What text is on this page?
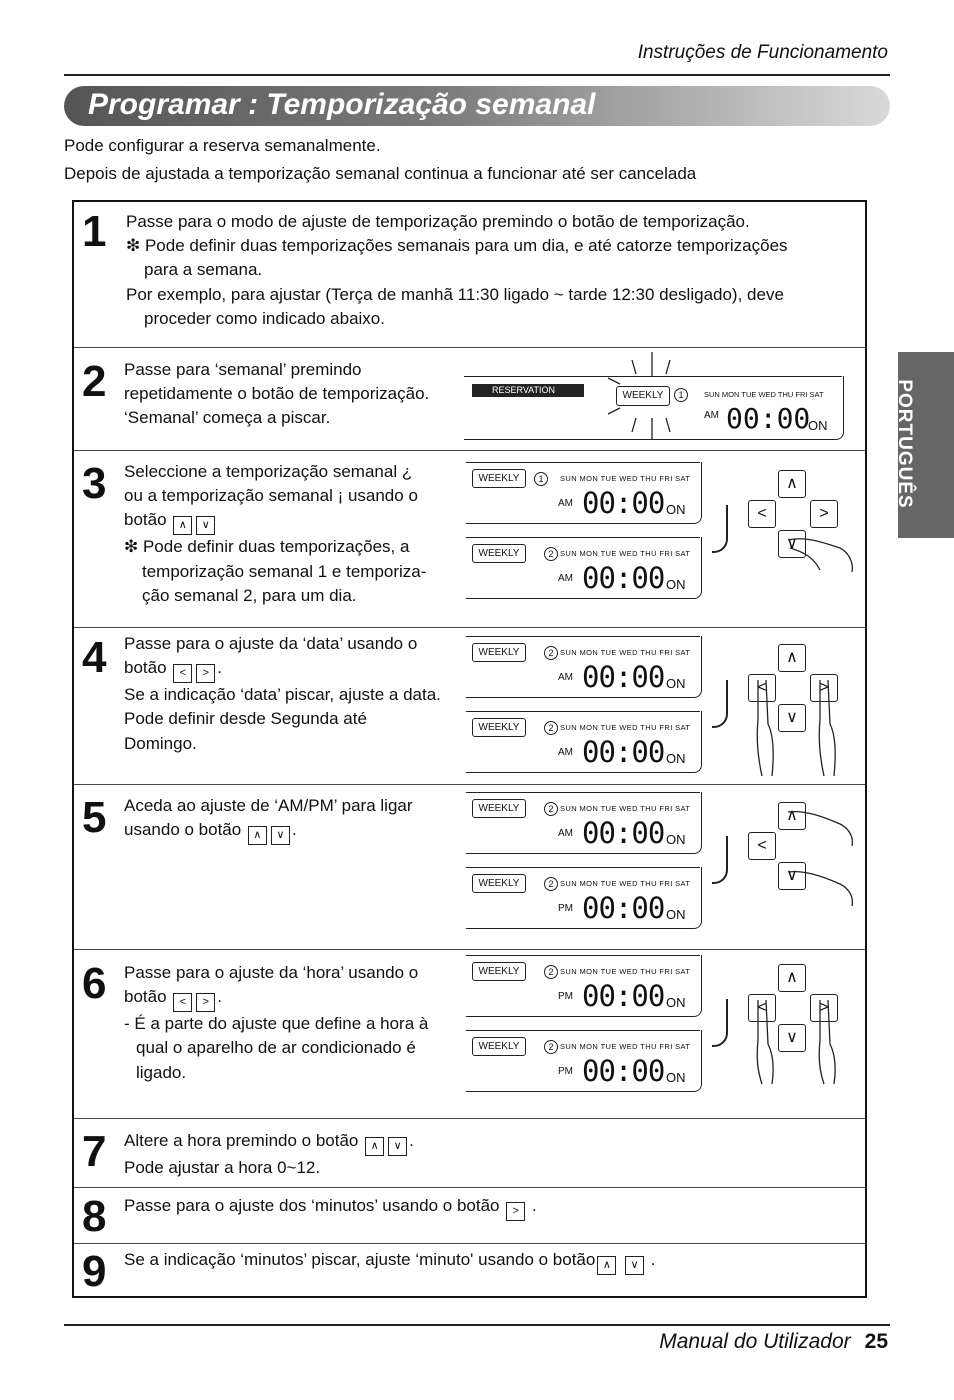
Instruções de Funcionamento
Programar : Temporização semanal
Pode configurar a reserva semanalmente.
Depois de ajustada a temporização semanal continua a funcionar até ser cancelada
PORTUGUÊS
1 Passe para o modo de ajuste de temporização premindo o botão de temporização.
❇ Pode definir duas temporizações semanais para um dia, e até catorze temporizações
para a semana.
Por exemplo, para ajustar (Terça de manhã 11:30 ligado ~ tarde 12:30 desligado), deve
proceder como indicado abaixo.
2 Passe para ‘semanal’ premindo
repetidamente o botão de temporização.
‘Semanal’ começa a piscar.
RESERVATION	WEEKLY	1	SUN MON TUE WED THU FRI SAT
AM 00:00
ON
3 Seleccione a temporização semanal ¿
ou a temporização semanal ¡ usando o
botão ∧ ∨
❇ Pode definir duas temporizações, a
temporização semanal 1 e temporiza-
ção semanal 2, para um dia.
WEEKLY	1	SUN MON TUE WED THU FRI SAT
AM 00:00 ON
WEEKLY	2 SUN MON TUE WED THU FRI SAT
AM 00:00 ON
∧
<	>
∨
4 Passe para o ajuste da ‘data’ usando o
botão < > .
Se a indicação ‘data’ piscar, ajuste a data.
Pode definir desde Segunda até
Domingo.
WEEKLY	2 SUN MON TUE WED THU FRI SAT
AM 00:00 ON
WEEKLY	2 SUN MON TUE WED THU FRI SAT
AM 00:00 ON
∧
<	>
∨
5 Aceda ao ajuste de ‘AM/PM’ para ligar
usando o botão ∧ ∨ .
WEEKLY	2 SUN MON TUE WED THU FRI SAT
AM 00:00 ON
WEEKLY	2 SUN MON TUE WED THU FRI SAT
PM 00:00 ON
∧
<
∨
6 Passe para o ajuste da ‘hora’ usando o
botão < > .
- É a parte do ajuste que define a hora à
qual o aparelho de ar condicionado é
ligado.
WEEKLY	2 SUN MON TUE WED THU FRI SAT
PM 00:00 ON
WEEKLY	2 SUN MON TUE WED THU FRI SAT
PM 00:00 ON
∧
<	>
∨
7 Altere a hora premindo o botão ∧ ∨ .
Pode ajustar a hora 0~12.
8 Passe para o ajuste dos ‘minutos’ usando o botão > .
9 Se a indicação ‘minutos’ piscar, ajuste ‘minuto' usando o botão ∧ ∨ .
Manual do Utilizador 25
